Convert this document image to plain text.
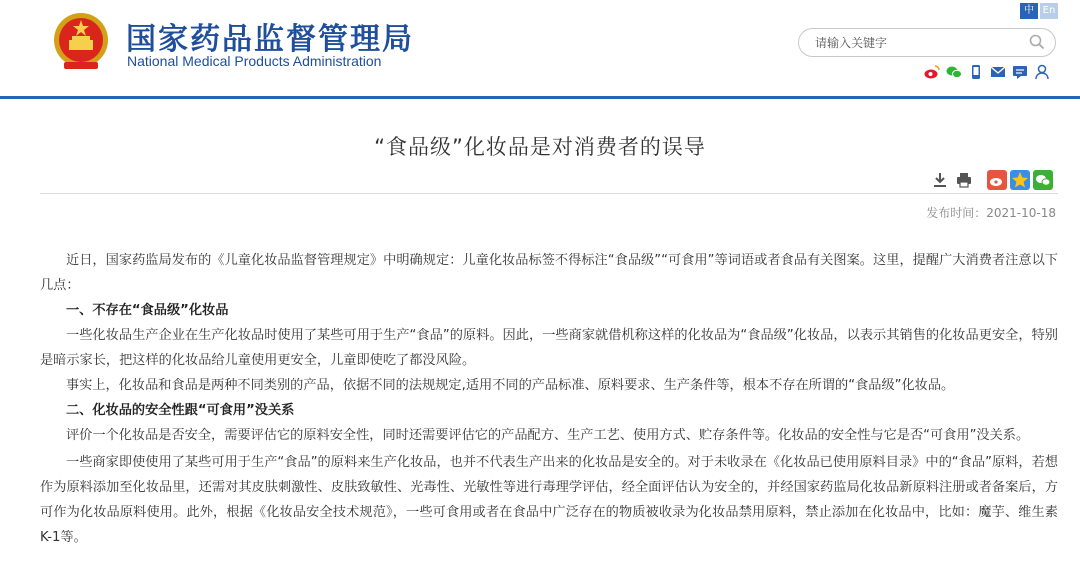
国家药品监督管理局
National Medical Products Administration
中 En
请输入关键字
“食品级”化妆品是对消费者的误导
发布时间：2021-10-18

近日，国家药监局发布的《儿童化妆品监督管理规定》中明确规定：儿童化妆品标签不得标注“食品级”“可食用”等词语或者食品有关图案。这里，提醒广大消费者注意以下几点：

一、不存在“食品级”化妆品

一些化妆品生产企业在生产化妆品时使用了某些可用于生产“食品”的原料。因此，一些商家就借机称这样的化妆品为“食品级”化妆品，以表示其销售的化妆品更安全，特别是暗示家长，把这样的化妆品给儿童使用更安全，儿童即使吃了都没风险。

事实上，化妆品和食品是两种不同类别的产品，依据不同的法规规定,适用不同的产品标准、原料要求、生产条件等，根本不存在所谓的“食品级”化妆品。

二、化妆品的安全性跟“可食用”没关系

评价一个化妆品是否安全，需要评估它的原料安全性，同时还需要评估它的产品配方、生产工艺、使用方式、贮存条件等。化妆品的安全性与它是否“可食用”没关系。

一些商家即使使用了某些可用于生产“食品”的原料来生产化妆品，也并不代表生产出来的化妆品是安全的。对于未收录在《化妆品已使用原料目录》中的“食品”原料，若想作为原料添加至化妆品里，还需对其皮肤刺激性、皮肤致敏性、光毒性、光敏性等进行毒理学评估，经全面评估认为安全的，并经国家药监局化妆品新原料注册或者备案后，方可作为化妆品原料使用。此外，根据《化妆品安全技术规范》，一些可食用或者在食品中广泛存在的物质被收录为化妆品禁用原料，禁止添加在化妆品中，比如：魔芋、维生素K-1等。
